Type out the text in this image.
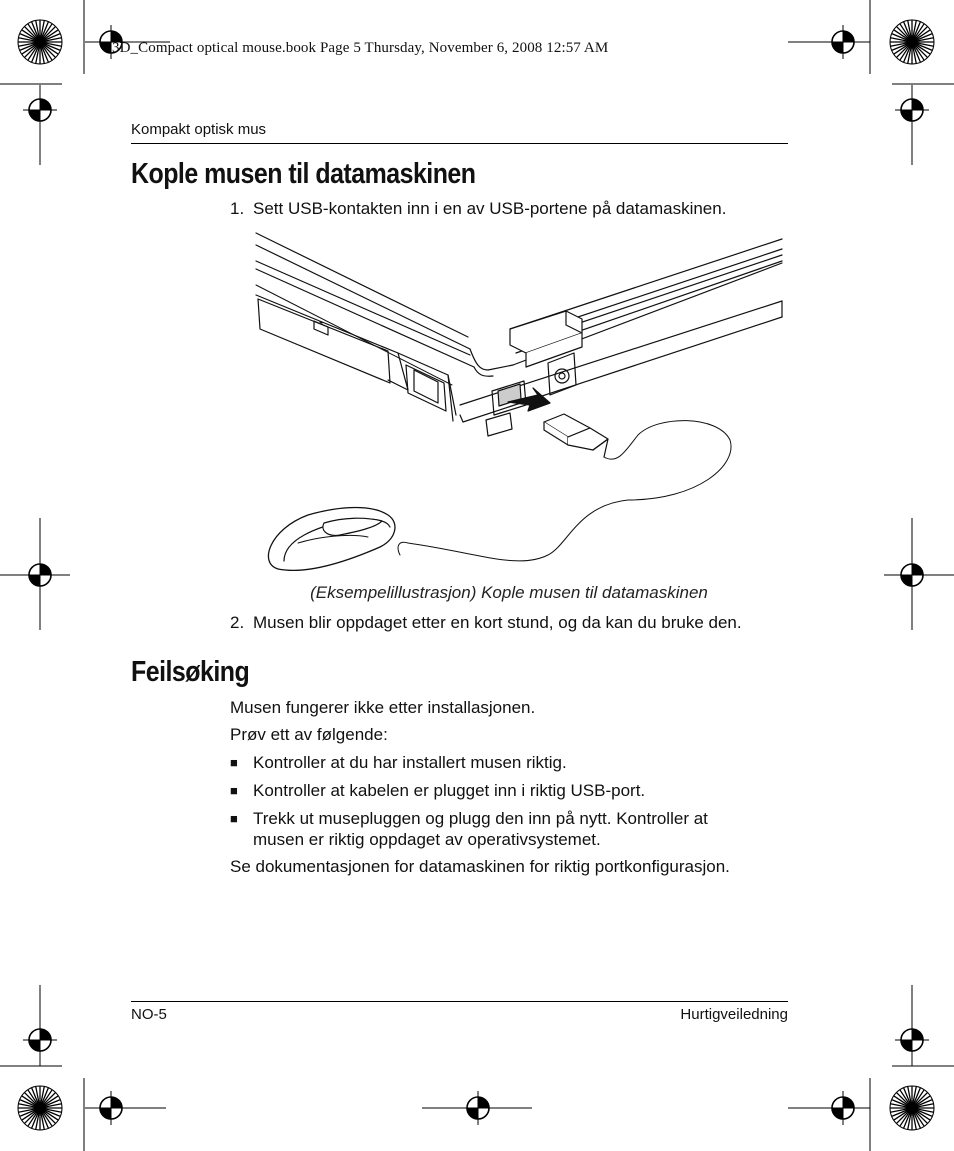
3D_Compact optical mouse.book Page 5 Thursday, November 6, 2008 12:57 AM
Kompakt optisk mus
Kople musen til datamaskinen
1. Sett USB-kontakten inn i en av USB-portene på datamaskinen.
(Eksempelillustrasjon) Kople musen til datamaskinen
2. Musen blir oppdaget etter en kort stund, og da kan du bruke den.
Feilsøking
Musen fungerer ikke etter installasjonen.
Prøv ett av følgende:
■ Kontroller at du har installert musen riktig.
■ Kontroller at kabelen er plugget inn i riktig USB-port.
■ Trekk ut musepluggen og plugg den inn på nytt. Kontroller at musen er riktig oppdaget av operativsystemet.
Se dokumentasjonen for datamaskinen for riktig portkonfigurasjon.
NO-5	Hurtigveiledning
